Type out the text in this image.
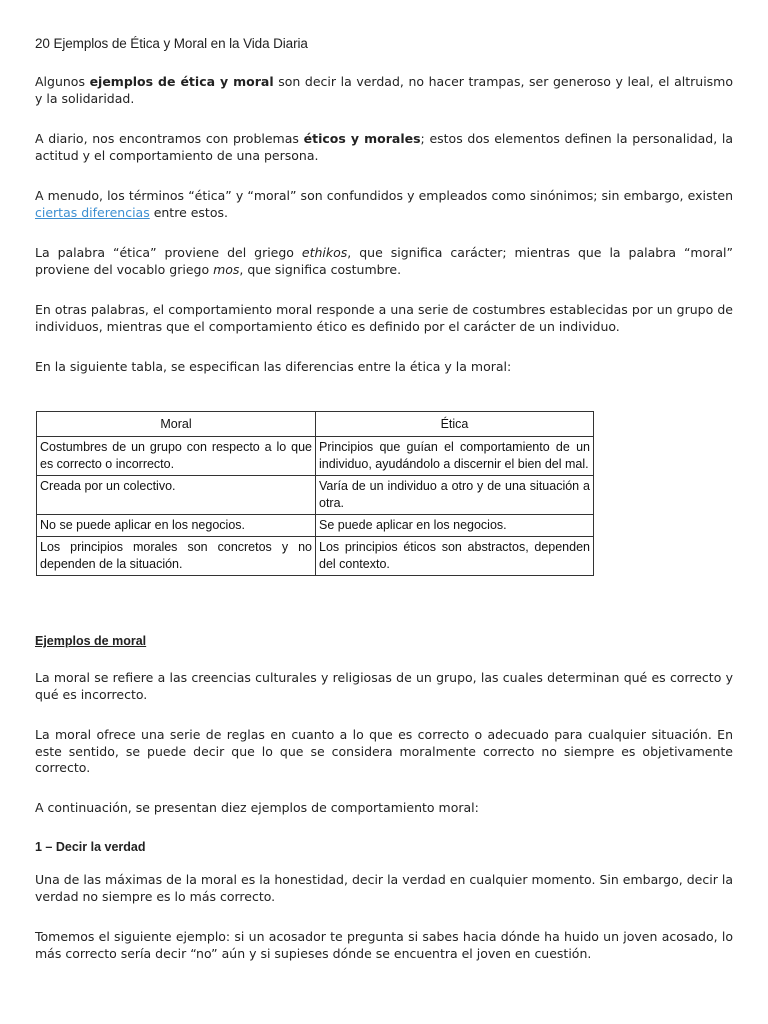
20 Ejemplos de Ética y Moral en la Vida Diaria

Algunos ejemplos de ética y moral son decir la verdad, no hacer trampas, ser generoso y leal, el altruismo y la solidaridad.

A diario, nos encontramos con problemas éticos y morales; estos dos elementos definen la personalidad, la actitud y el comportamiento de una persona.

A menudo, los términos “ética” y “moral” son confundidos y empleados como sinónimos; sin embargo, existen ciertas diferencias entre estos.

La palabra “ética” proviene del griego ethikos, que significa carácter; mientras que la palabra “moral” proviene del vocablo griego mos, que significa costumbre.

En otras palabras, el comportamiento moral responde a una serie de costumbres establecidas por un grupo de individuos, mientras que el comportamiento ético es definido por el carácter de un individuo.

En la siguiente tabla, se especifican las diferencias entre la ética y la moral:

Moral	Ética
Costumbres de un grupo con respecto a lo que es correcto o incorrecto.	Principios que guían el comportamiento de un individuo, ayudándolo a discernir el bien del mal.
Creada por un colectivo.	Varía de un individuo a otro y de una situación a otra.
No se puede aplicar en los negocios.	Se puede aplicar en los negocios.
Los principios morales son concretos y no dependen de la situación.	Los principios éticos son abstractos, dependen del contexto.
Ejemplos de moral

La moral se refiere a las creencias culturales y religiosas de un grupo, las cuales determinan qué es correcto y qué es incorrecto.

La moral ofrece una serie de reglas en cuanto a lo que es correcto o adecuado para cualquier situación. En este sentido, se puede decir que lo que se considera moralmente correcto no siempre es objetivamente correcto.

A continuación, se presentan diez ejemplos de comportamiento moral:

1 – Decir la verdad

Una de las máximas de la moral es la honestidad, decir la verdad en cualquier momento. Sin embargo, decir la verdad no siempre es lo más correcto.

Tomemos el siguiente ejemplo: si un acosador te pregunta si sabes hacia dónde ha huido un joven acosado, lo más correcto sería decir “no” aún y si supieses dónde se encuentra el joven en cuestión.
